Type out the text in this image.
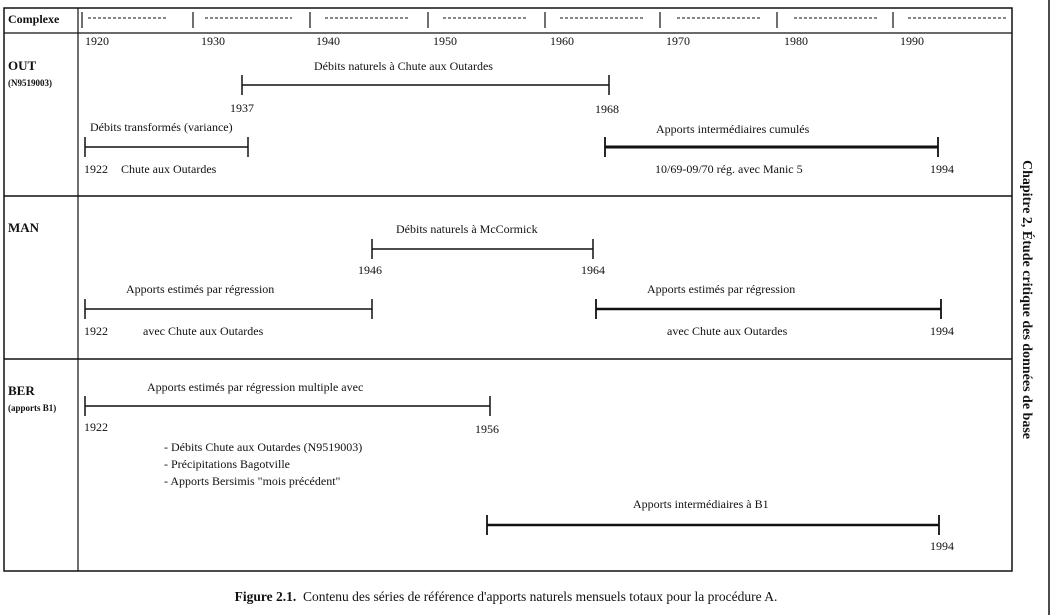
Complexe
1920	1930	1940	1950	1960	1970	1980	1990
OUT
(N9519003)
Débits naturels à Chute aux Outardes
1937	1968
Débits transformés (variance)
1922 Chute aux Outardes
Apports intermédiaires cumulés
10/69-09/70 rég. avec Manic 5	1994
MAN	Débits naturels à McCormick
1946	1964
Apports estimés par régression
1922	avec Chute aux Outardes
Apports estimés par régression
avec Chute aux Outardes	1994
BER
(apports B1)
Apports estimés par régression multiple avec
1922	1956
- Débits Chute aux Outardes (N9519003)
- Précipitations Bagotville
- Apports Bersimis "mois précédent"
Apports intermédiaires à B1
1994
Chapitre 2, Étude critique des données de base
Figure 2.1. Contenu des séries de référence d'apports naturels mensuels totaux pour la procédure A.
